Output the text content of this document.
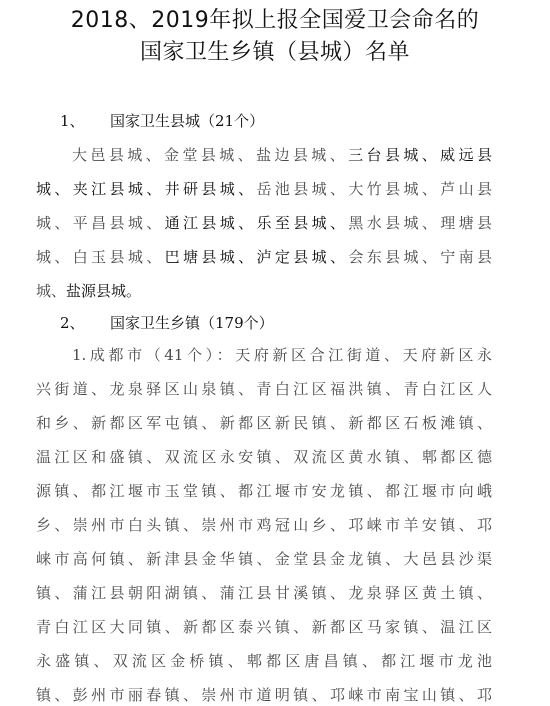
2018、2019年拟上报全国爱卫会命名的
国家卫生乡镇（县城）名单
1、 国家卫生县城（21个）
大邑县城、金堂县城、盐边县城、三台县城、威远县
城、夹江县城、井研县城、岳池县城、大竹县城、芦山县
城、平昌县城、通江县城、乐至县城、黑水县城、理塘县
城、白玉县城、巴塘县城、泸定县城、会东县城、宁南县
城、盐源县城。
2、 国家卫生乡镇（179个）
1.成都市（41个）：天府新区合江街道、天府新区永
兴街道、龙泉驿区山泉镇、青白江区福洪镇、青白江区人
和乡、新都区军屯镇、新都区新民镇、新都区石板滩镇、
温江区和盛镇、双流区永安镇、双流区黄水镇、郫都区德
源镇、都江堰市玉堂镇、都江堰市安龙镇、都江堰市向峨
乡、崇州市白头镇、崇州市鸡冠山乡、邛崃市羊安镇、邛
崃市高何镇、新津县金华镇、金堂县金龙镇、大邑县沙渠
镇、蒲江县朝阳湖镇、蒲江县甘溪镇、龙泉驿区黄土镇、
青白江区大同镇、新都区泰兴镇、新都区马家镇、温江区
永盛镇、双流区金桥镇、郫都区唐昌镇、都江堰市龙池
镇、彭州市丽春镇、崇州市道明镇、邛崃市南宝山镇、邛
